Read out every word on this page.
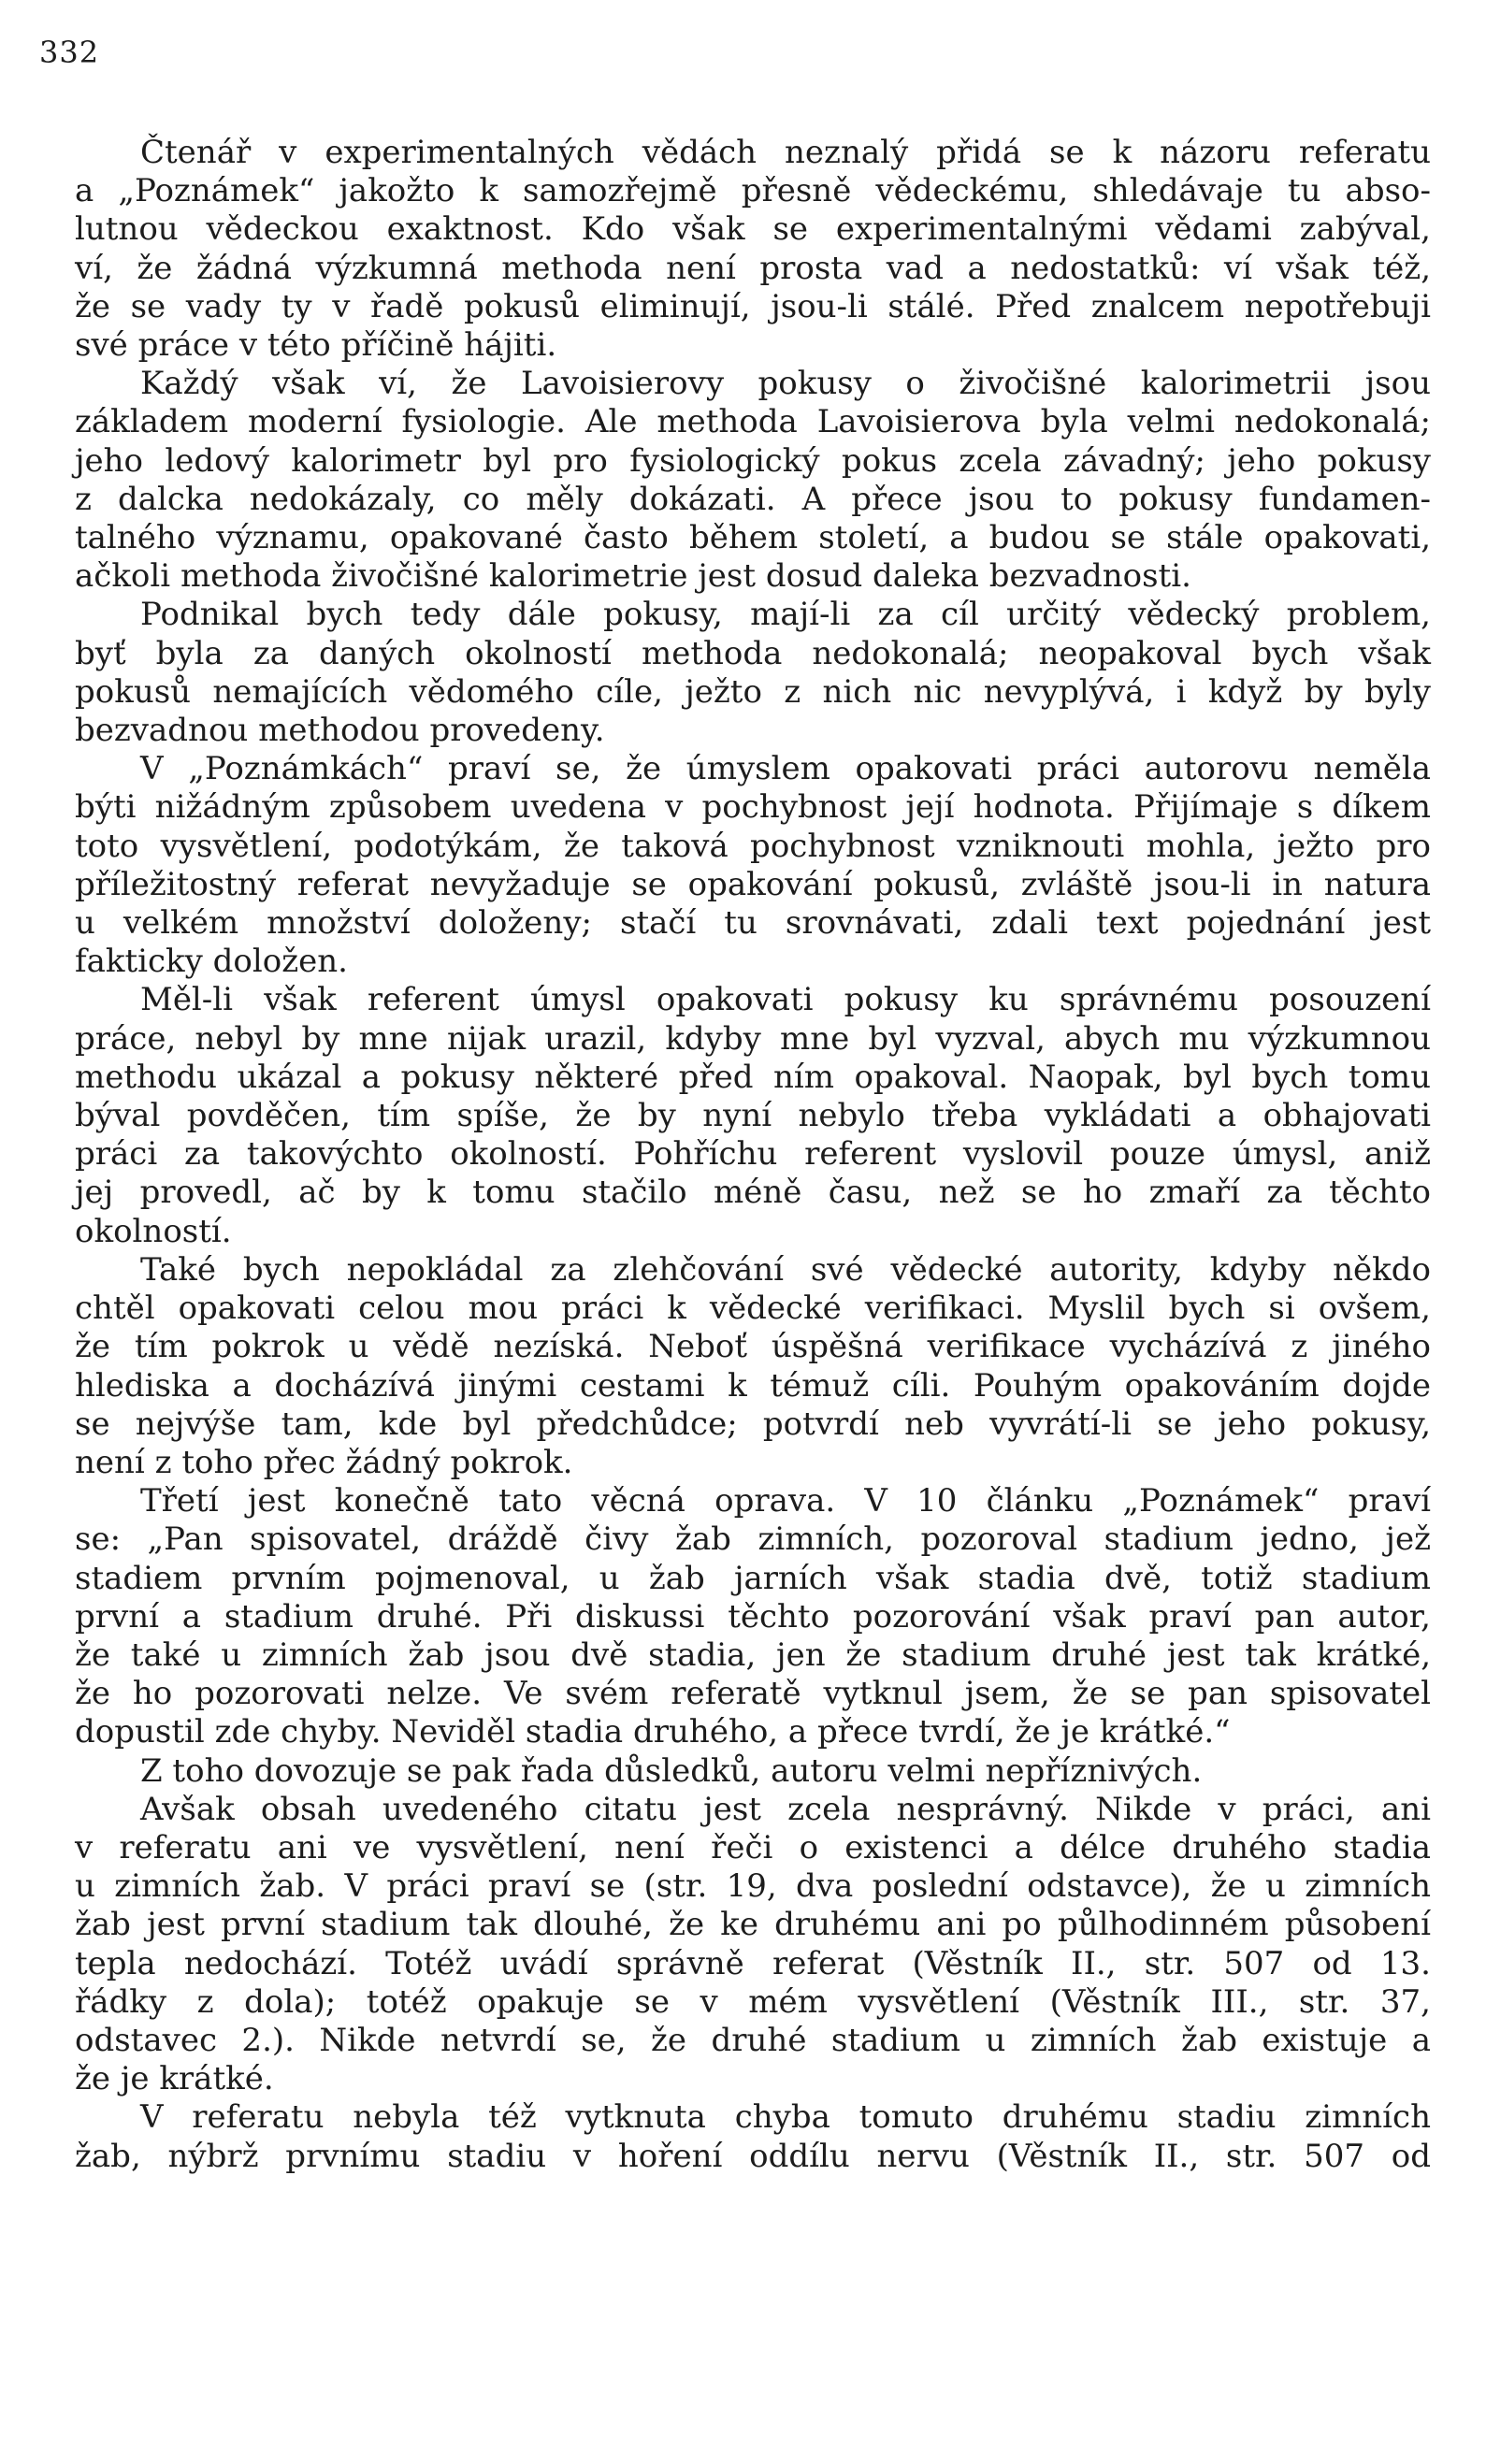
332

Čtenář v experimentalných vědách neznalý přidá se k názoru referatu
a „Poznámek“ jakožto k samozřejmě přesně vědeckému, shledávaje tu abso-
lutnou vědeckou exaktnost. Kdo však se experimentalnými vědami zabýval,
ví, že žádná výzkumná methoda není prosta vad a nedostatků: ví však též,
že se vady ty v řadě pokusů eliminují, jsou-li stálé. Před znalcem nepotřebuji
své práce v této příčině hájiti.

Každý však ví, že Lavoisierovy pokusy o živočišné kalorimetrii jsou
základem moderní fysiologie. Ale methoda Lavoisierova byla velmi nedokonalá;
jeho ledový kalorimetr byl pro fysiologický pokus zcela závadný; jeho pokusy
z dalcka nedokázaly, co měly dokázati. A přece jsou to pokusy fundamen-
talného významu, opakované často během století, a budou se stále opakovati,
ačkoli methoda živočišné kalorimetrie jest dosud daleka bezvadnosti.

Podnikal bych tedy dále pokusy, mají-li za cíl určitý vědecký problem,
byť byla za daných okolností methoda nedokonalá; neopakoval bych však
pokusů nemajících vědomého cíle, ježto z nich nic nevyplývá, i když by byly
bezvadnou methodou provedeny.

V „Poznámkách“ praví se, že úmyslem opakovati práci autorovu neměla
býti nižádným způsobem uvedena v pochybnost její hodnota. Přijímaje s díkem
toto vysvětlení, podotýkám, že taková pochybnost vzniknouti mohla, ježto pro
příležitostný referat nevyžaduje se opakování pokusů, zvláště jsou-li in natura
u velkém množství doloženy; stačí tu srovnávati, zdali text pojednání jest
fakticky doložen.

Měl-li však referent úmysl opakovati pokusy ku správnému posouzení
práce, nebyl by mne nijak urazil, kdyby mne byl vyzval, abych mu výzkumnou
methodu ukázal a pokusy některé před ním opakoval. Naopak, byl bych tomu
býval povděčen, tím spíše, že by nyní nebylo třeba vykládati a obhajovati
práci za takovýchto okolností. Pohříchu referent vyslovil pouze úmysl, aniž
jej provedl, ač by k tomu stačilo méně času, než se ho zmaří za těchto
okolností.

Také bych nepokládal za zlehčování své vědecké autority, kdyby někdo
chtěl opakovati celou mou práci k vědecké verifikaci. Myslil bych si ovšem,
že tím pokrok u vědě nezíská. Neboť úspěšná verifikace vycházívá z jiného
hlediska a docházívá jinými cestami k témuž cíli. Pouhým opakováním dojde
se nejvýše tam, kde byl předchůdce; potvrdí neb vyvrátí-li se jeho pokusy,
není z toho přec žádný pokrok.

Třetí jest konečně tato věcná oprava. V 10 článku „Poznámek“ praví
se: „Pan spisovatel, dráždě čivy žab zimních, pozoroval stadium jedno, jež
stadiem prvním pojmenoval, u žab jarních však stadia dvě, totiž stadium
první a stadium druhé. Při diskussi těchto pozorování však praví pan autor,
že také u zimních žab jsou dvě stadia, jen že stadium druhé jest tak krátké,
že ho pozorovati nelze. Ve svém referatě vytknul jsem, že se pan spisovatel
dopustil zde chyby. Neviděl stadia druhého, a přece tvrdí, že je krátké.“

Z toho dovozuje se pak řada důsledků, autoru velmi nepříznivých.

Avšak obsah uvedeného citatu jest zcela nesprávný. Nikde v práci, ani
v referatu ani ve vysvětlení, není řeči o existenci a délce druhého stadia
u zimních žab. V práci praví se (str. 19, dva poslední odstavce), že u zimních
žab jest první stadium tak dlouhé, že ke druhému ani po půlhodinném působení
tepla nedochází. Totéž uvádí správně referat (Věstník II., str. 507 od 13.
řádky z dola); totéž opakuje se v mém vysvětlení (Věstník III., str. 37,
odstavec 2.). Nikde netvrdí se, že druhé stadium u zimních žab existuje a
že je krátké.

V referatu nebyla též vytknuta chyba tomuto druhému stadiu zimních
žab, nýbrž prvnímu stadiu v hoření oddílu nervu (Věstník II., str. 507 od
